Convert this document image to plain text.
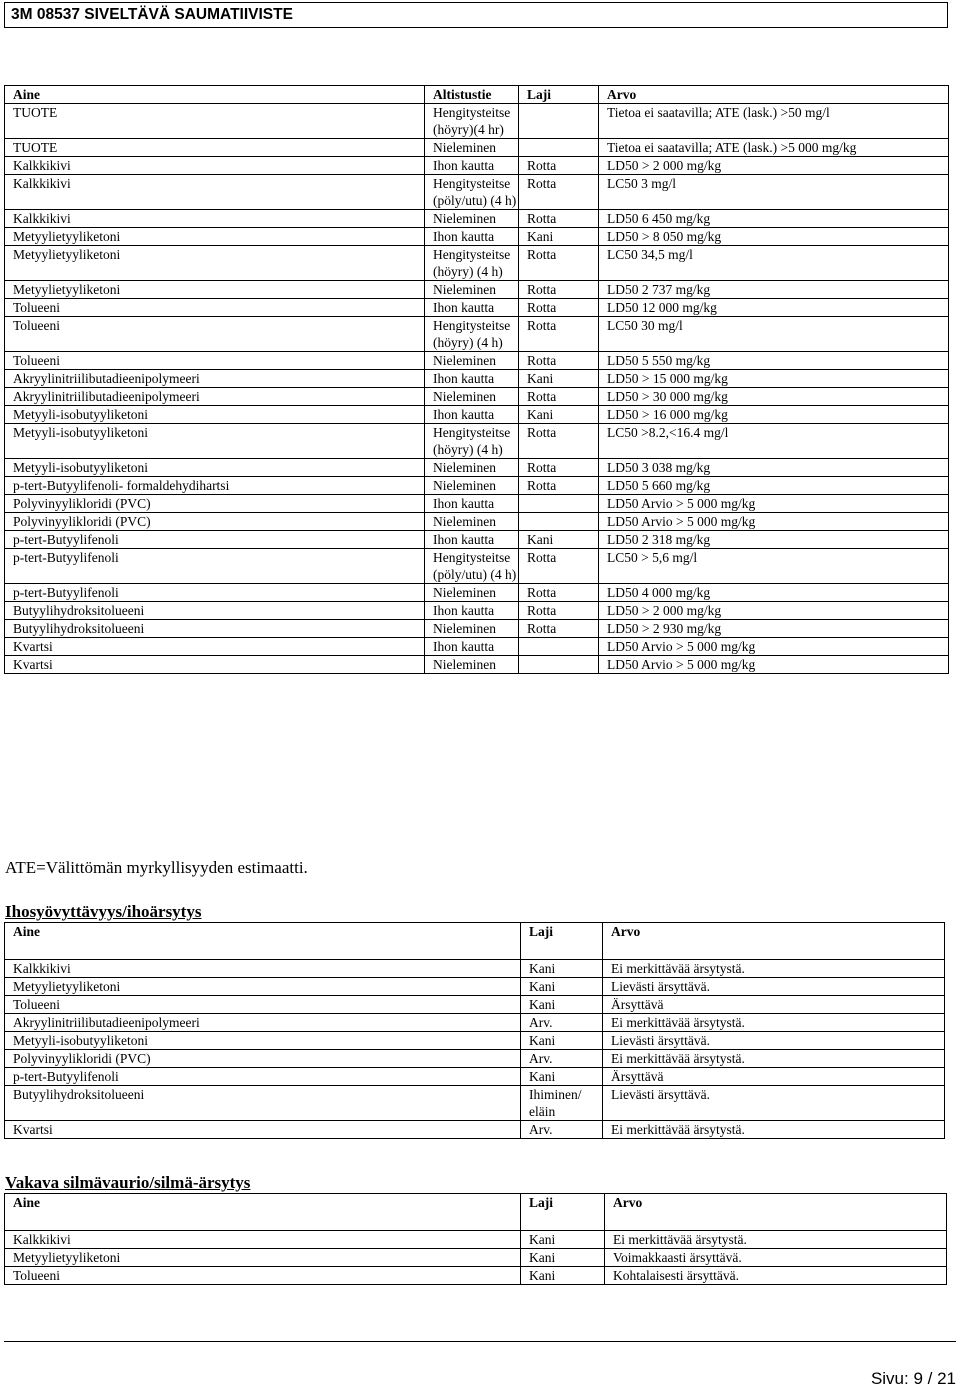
3M 08537 SIVELTÄVÄ SAUMATIIVISTE
Aine	Altistustie	Laji	Arvo
TUOTE	Hengitysteitse (höyry)(4 hr)		Tietoa ei saatavilla; ATE (lask.) >50 mg/l
TUOTE	Nieleminen		Tietoa ei saatavilla; ATE (lask.) >5 000 mg/kg
Kalkkikivi	Ihon kautta	Rotta	LD50 > 2 000 mg/kg
Kalkkikivi	Hengitysteitse (pöly/utu) (4 h)	Rotta	LC50 3 mg/l
Kalkkikivi	Nieleminen	Rotta	LD50 6 450 mg/kg
Metyylietyyliketoni	Ihon kautta	Kani	LD50 > 8 050 mg/kg
Metyylietyyliketoni	Hengitysteitse (höyry) (4 h)	Rotta	LC50 34,5 mg/l
Metyylietyyliketoni	Nieleminen	Rotta	LD50 2 737 mg/kg
Tolueeni	Ihon kautta	Rotta	LD50 12 000 mg/kg
Tolueeni	Hengitysteitse (höyry) (4 h)	Rotta	LC50 30 mg/l
Tolueeni	Nieleminen	Rotta	LD50 5 550 mg/kg
Akryylinitriilibutadieenipolymeeri	Ihon kautta	Kani	LD50 > 15 000 mg/kg
Akryylinitriilibutadieenipolymeeri	Nieleminen	Rotta	LD50 > 30 000 mg/kg
Metyyli-isobutyyliketoni	Ihon kautta	Kani	LD50 > 16 000 mg/kg
Metyyli-isobutyyliketoni	Hengitysteitse (höyry) (4 h)	Rotta	LC50 >8.2,<16.4 mg/l
Metyyli-isobutyyliketoni	Nieleminen	Rotta	LD50 3 038 mg/kg
p-tert-Butyylifenoli- formaldehydihartsi	Nieleminen	Rotta	LD50 5 660 mg/kg
Polyvinyylikloridi (PVC)	Ihon kautta		LD50 Arvio > 5 000 mg/kg
Polyvinyylikloridi (PVC)	Nieleminen		LD50 Arvio > 5 000 mg/kg
p-tert-Butyylifenoli	Ihon kautta	Kani	LD50 2 318 mg/kg
p-tert-Butyylifenoli	Hengitysteitse (pöly/utu) (4 h)	Rotta	LC50 > 5,6 mg/l
p-tert-Butyylifenoli	Nieleminen	Rotta	LD50 4 000 mg/kg
Butyylihydroksitolueeni	Ihon kautta	Rotta	LD50 > 2 000 mg/kg
Butyylihydroksitolueeni	Nieleminen	Rotta	LD50 > 2 930 mg/kg
Kvartsi	Ihon kautta		LD50 Arvio > 5 000 mg/kg
Kvartsi	Nieleminen		LD50 Arvio > 5 000 mg/kg
ATE=Välittömän myrkyllisyyden estimaatti.
Ihosyövyttävyys/ihoärsytys
Aine	Laji	Arvo
Kalkkikivi	Kani	Ei merkittävää ärsytystä.
Metyylietyyliketoni	Kani	Lievästi ärsyttävä.
Tolueeni	Kani	Ärsyttävä
Akryylinitriilibutadieenipolymeeri	Arv.	Ei merkittävää ärsytystä.
Metyyli-isobutyyliketoni	Kani	Lievästi ärsyttävä.
Polyvinyylikloridi (PVC)	Arv.	Ei merkittävää ärsytystä.
p-tert-Butyylifenoli	Kani	Ärsyttävä
Butyylihydroksitolueeni	Ihiminen/ eläin	Lievästi ärsyttävä.
Kvartsi	Arv.	Ei merkittävää ärsytystä.
Vakava silmävaurio/silmä-ärsytys
Aine	Laji	Arvo
Kalkkikivi	Kani	Ei merkittävää ärsytystä.
Metyylietyyliketoni	Kani	Voimakkaasti ärsyttävä.
Tolueeni	Kani	Kohtalaisesti ärsyttävä.
Sivu: 9 / 21
